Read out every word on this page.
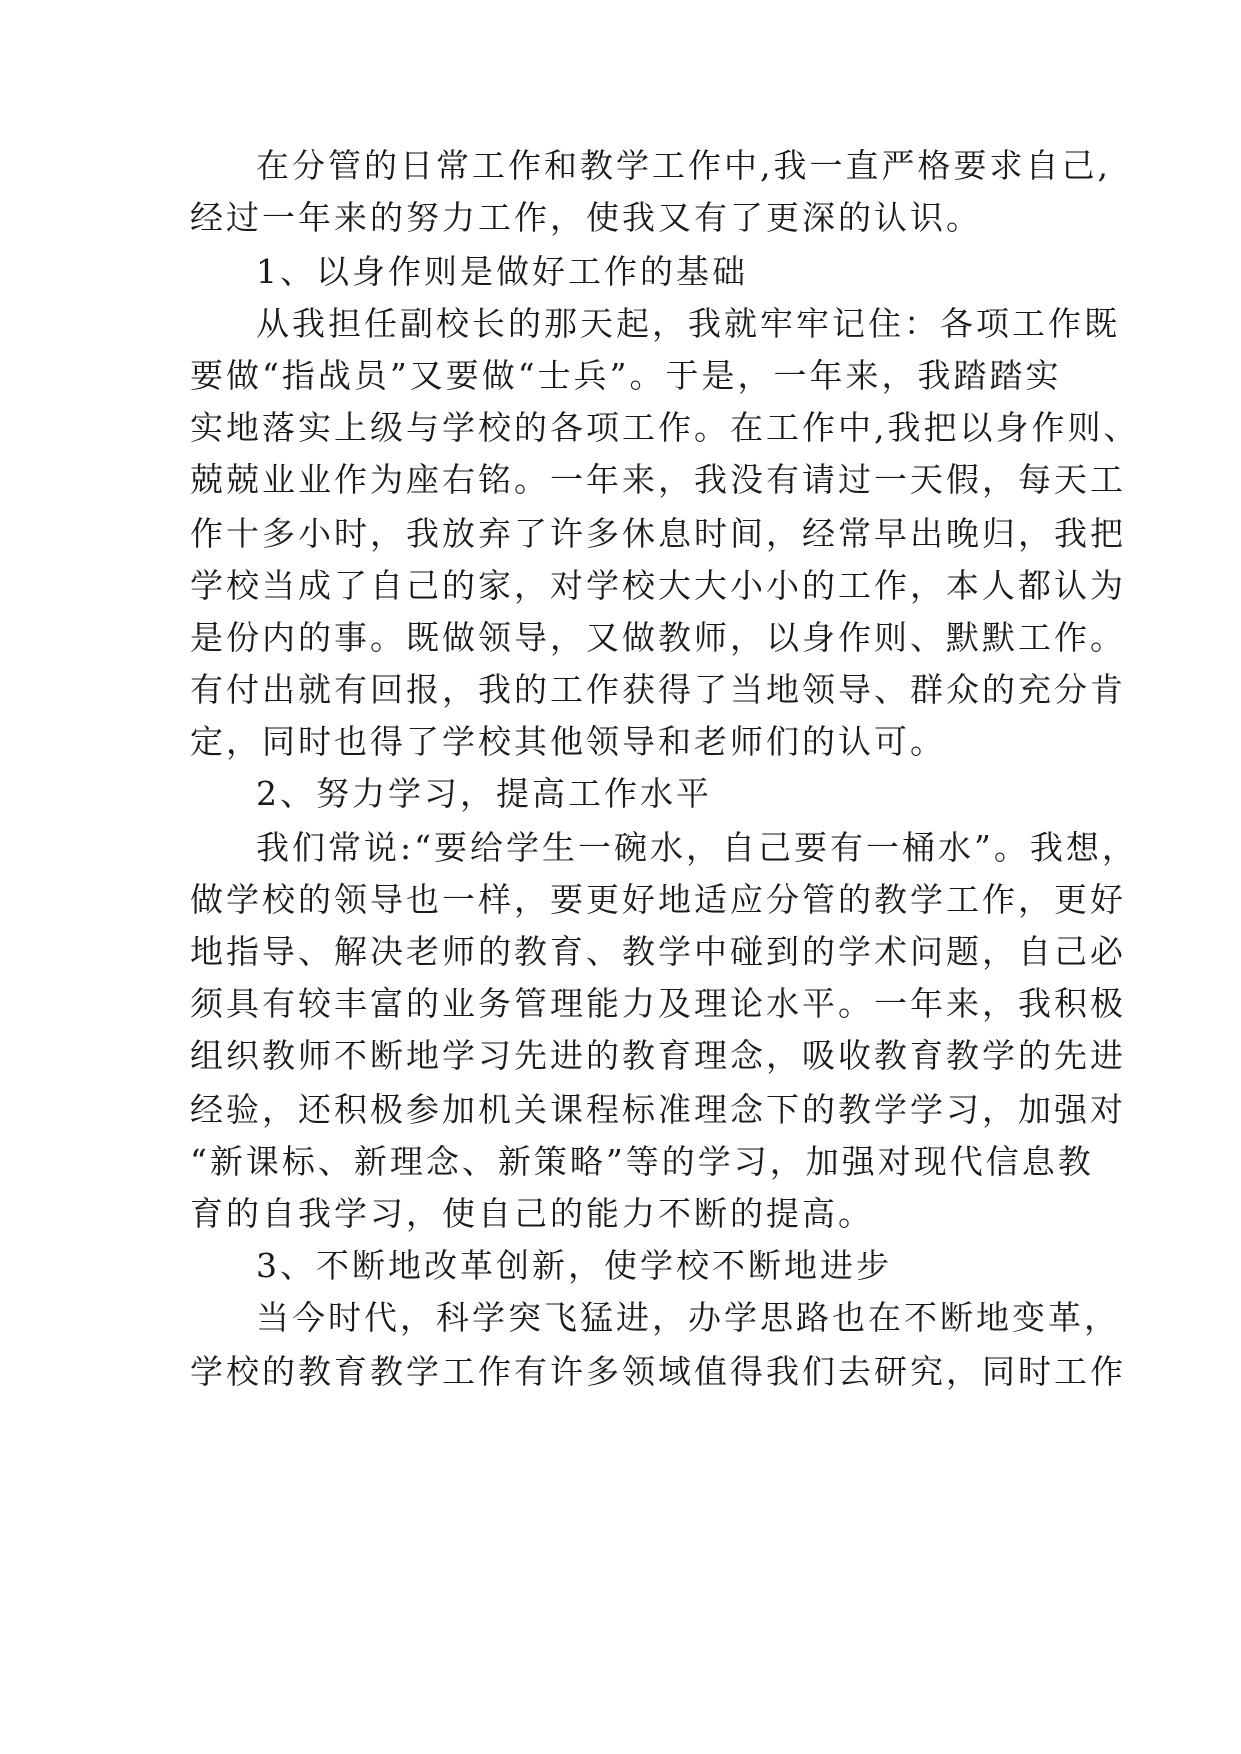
在分管的日常工作和教学工作中,我一直严格要求自己,
经过一年来的努力工作，使我又有了更深的认识。
1、以身作则是做好工作的基础
从我担任副校长的那天起，我就牢牢记住：各项工作既
要做“指战员”又要做“士兵”。于是，一年来，我踏踏实
实地落实上级与学校的各项工作。在工作中,我把以身作则、
兢兢业业作为座右铭。一年来，我没有请过一天假，每天工
作十多小时，我放弃了许多休息时间，经常早出晚归，我把
学校当成了自己的家，对学校大大小小的工作，本人都认为
是份内的事。既做领导，又做教师，以身作则、默默工作。
有付出就有回报，我的工作获得了当地领导、群众的充分肯
定，同时也得了学校其他领导和老师们的认可。
2、努力学习，提高工作水平
我们常说:“要给学生一碗水，自己要有一桶水”。我想，
做学校的领导也一样，要更好地适应分管的教学工作，更好
地指导、解决老师的教育、教学中碰到的学术问题，自己必
须具有较丰富的业务管理能力及理论水平。一年来，我积极
组织教师不断地学习先进的教育理念，吸收教育教学的先进
经验，还积极参加机关课程标准理念下的教学学习，加强对
“新课标、新理念、新策略”等的学习，加强对现代信息教
育的自我学习，使自己的能力不断的提高。
3、不断地改革创新，使学校不断地进步
当今时代，科学突飞猛进，办学思路也在不断地变革，
学校的教育教学工作有许多领域值得我们去研究，同时工作
